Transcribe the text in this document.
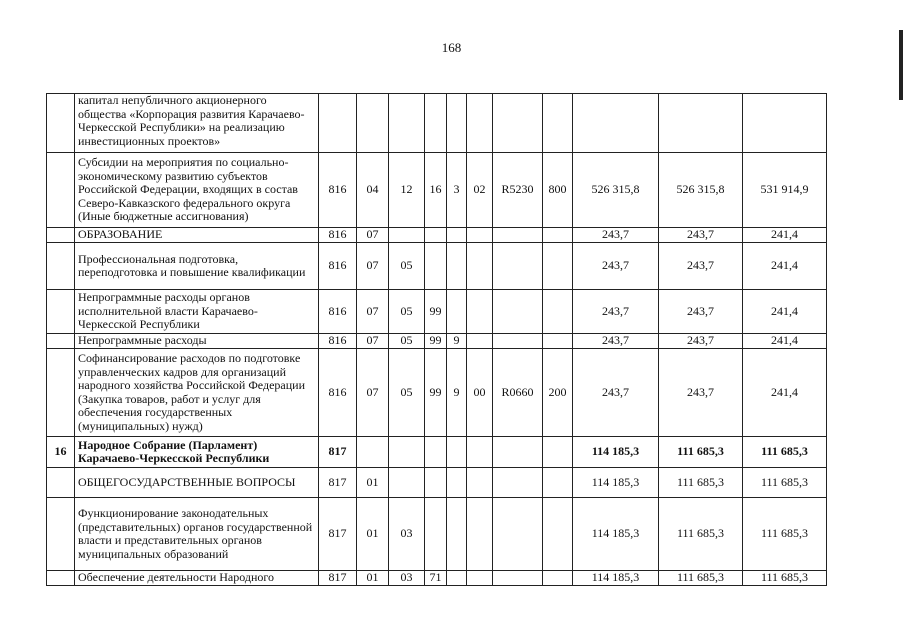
168
	капитал непубличного акционерного общества «Корпорация развития Карачаево-Черкесской Республики» на реализацию инвестиционных проектов»											
	Субсидии на мероприятия по социально-экономическому развитию субъектов Российской Федерации, входящих в состав Северо-Кавказского федерального округа (Иные бюджетные ассигнования)	816	04	12	16	3	02	R5230	800	526 315,8	526 315,8	531 914,9
	ОБРАЗОВАНИЕ	816	07							243,7	243,7	241,4
	Профессиональная подготовка, переподготовка и повышение квалификации	816	07	05						243,7	243,7	241,4
	Непрограммные расходы органов исполнительной власти Карачаево-Черкесской Республики	816	07	05	99					243,7	243,7	241,4
	Непрограммные расходы	816	07	05	99	9				243,7	243,7	241,4
	Софинансирование расходов по подготовке управленческих кадров для организаций народного хозяйства Российской Федерации (Закупка товаров, работ и услуг для обеспечения государственных (муниципальных) нужд)	816	07	05	99	9	00	R0660	200	243,7	243,7	241,4
16	Народное Собрание (Парламент) Карачаево-Черкесской Республики	817								114 185,3	111 685,3	111 685,3
	ОБЩЕГОСУДАРСТВЕННЫЕ ВОПРОСЫ	817	01							114 185,3	111 685,3	111 685,3
	Функционирование законодательных (представительных) органов государственной власти и представительных органов муниципальных образований	817	01	03						114 185,3	111 685,3	111 685,3
	Обеспечение деятельности Народного	817	01	03	71					114 185,3	111 685,3	111 685,3
